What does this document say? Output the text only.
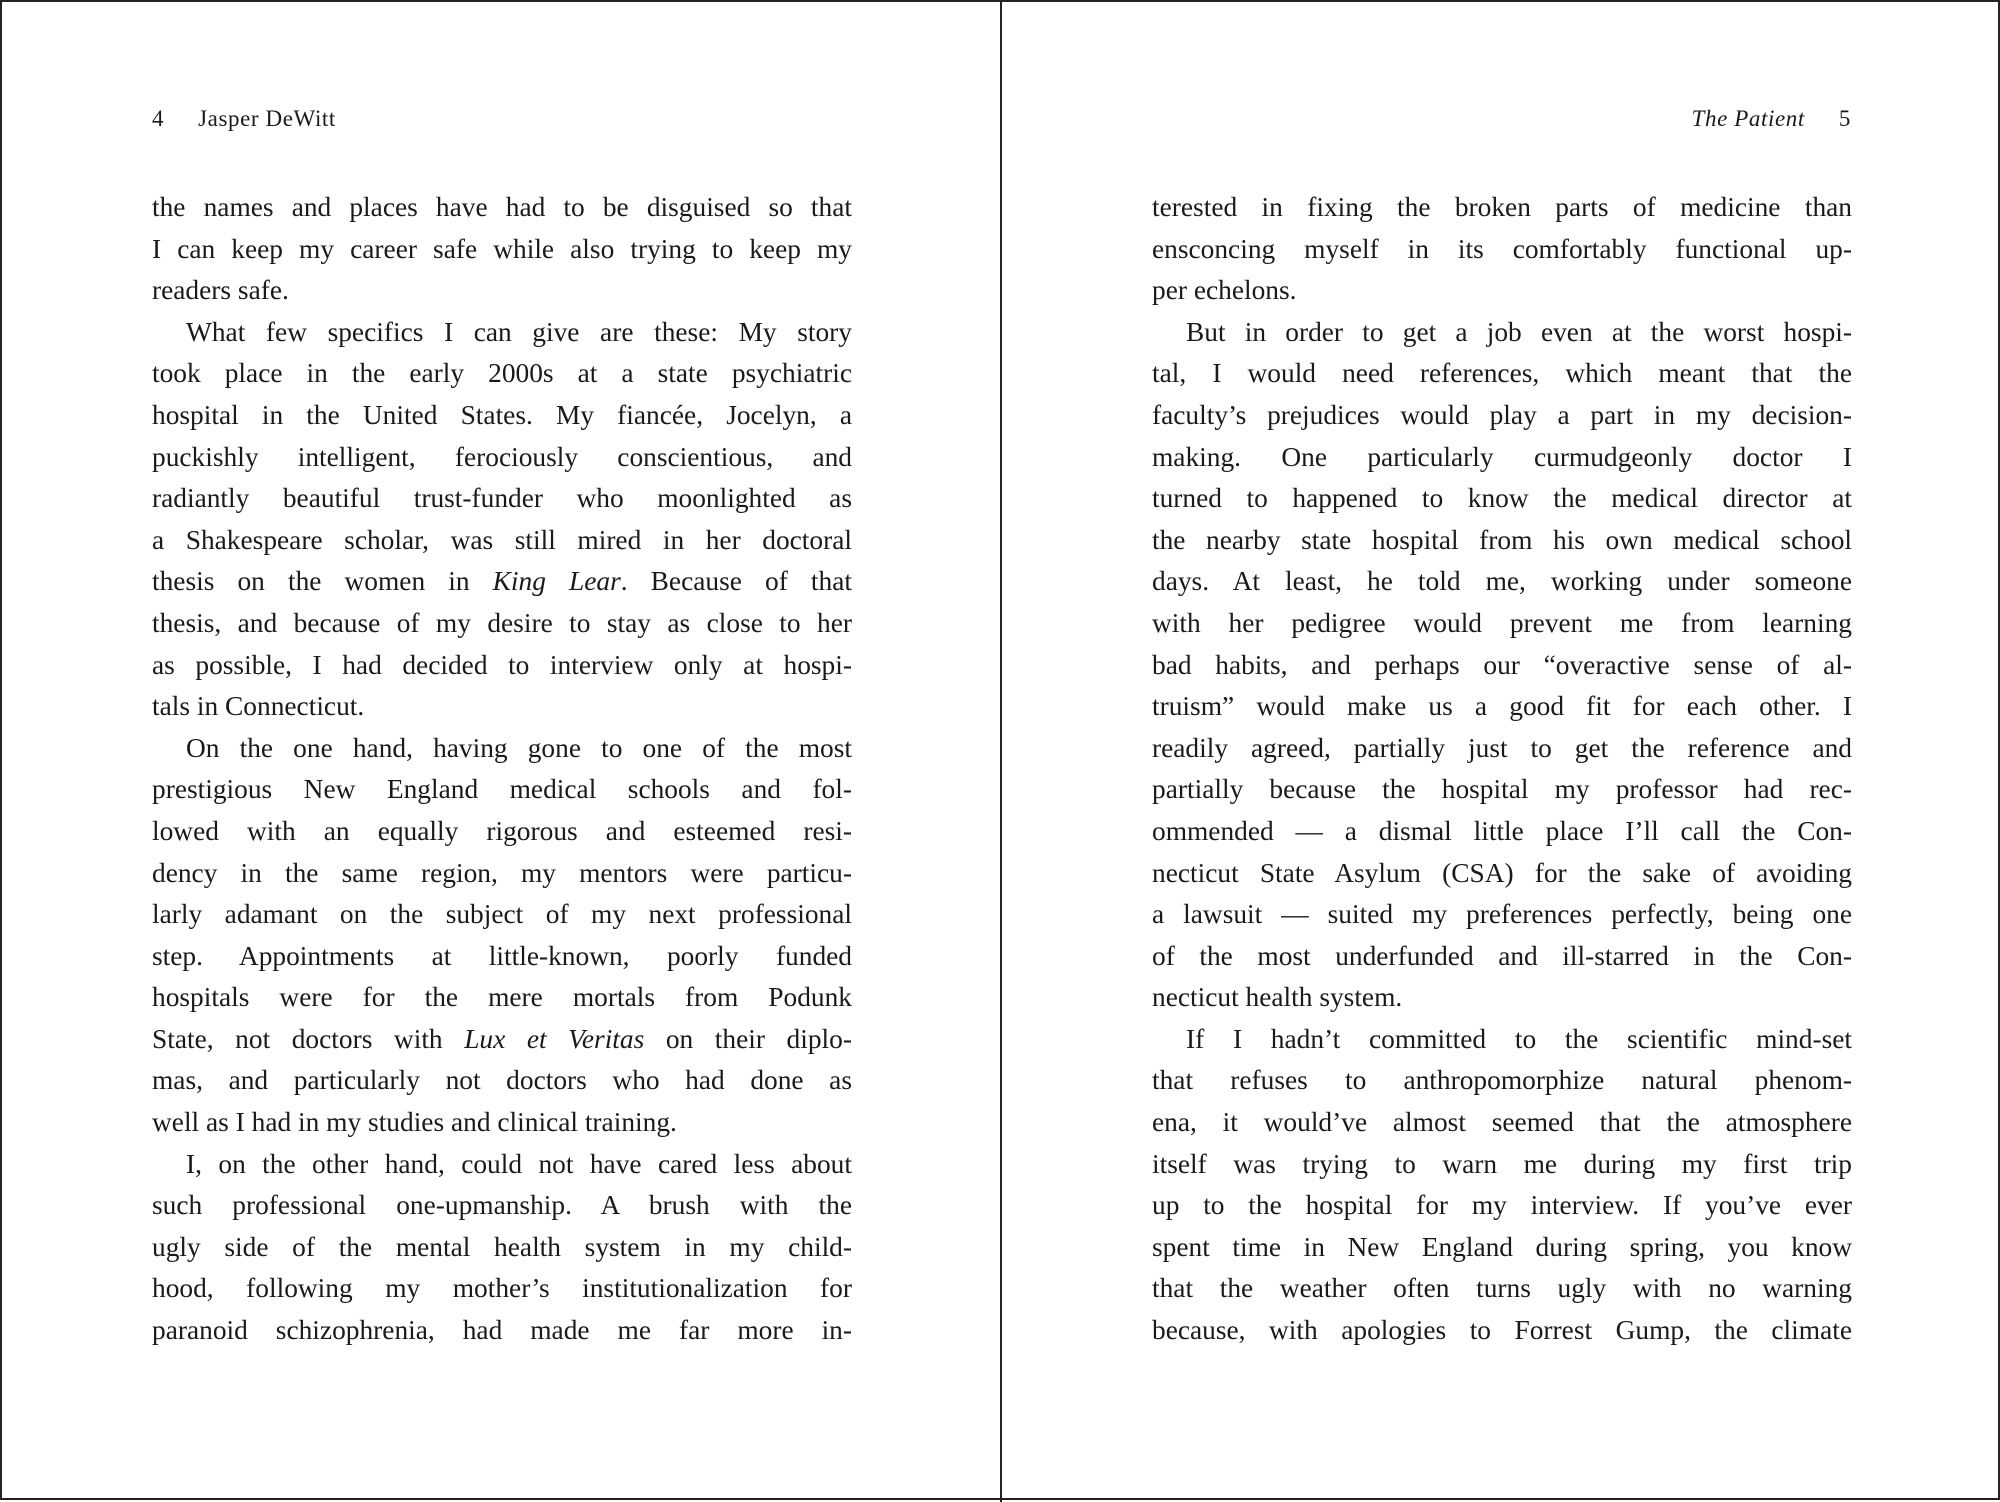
4 Jasper DeWitt
the names and places have had to be disguised so that
I can keep my career safe while also trying to keep my
readers safe.
What few specifics I can give are these: My story
took place in the early 2000s at a state psychiatric
hospital in the United States. My fiancée, Jocelyn, a
puckishly intelligent, ferociously conscientious, and
radiantly beautiful trust-funder who moonlighted as
a Shakespeare scholar, was still mired in her doctoral
thesis on the women in King Lear. Because of that
thesis, and because of my desire to stay as close to her
as possible, I had decided to interview only at hospi-
tals in Connecticut.
On the one hand, having gone to one of the most
prestigious New England medical schools and fol-
lowed with an equally rigorous and esteemed resi-
dency in the same region, my mentors were particu-
larly adamant on the subject of my next professional
step. Appointments at little-known, poorly funded
hospitals were for the mere mortals from Podunk
State, not doctors with Lux et Veritas on their diplo-
mas, and particularly not doctors who had done as
well as I had in my studies and clinical training.
I, on the other hand, could not have cared less about
such professional one-upmanship. A brush with the
ugly side of the mental health system in my child-
hood, following my mother’s institutionalization for
paranoid schizophrenia, had made me far more in-
The Patient 5
terested in fixing the broken parts of medicine than
ensconcing myself in its comfortably functional up-
per echelons.
But in order to get a job even at the worst hospi-
tal, I would need references, which meant that the
faculty’s prejudices would play a part in my decision-
making. One particularly curmudgeonly doctor I
turned to happened to know the medical director at
the nearby state hospital from his own medical school
days. At least, he told me, working under someone
with her pedigree would prevent me from learning
bad habits, and perhaps our “overactive sense of al-
truism” would make us a good fit for each other. I
readily agreed, partially just to get the reference and
partially because the hospital my professor had rec-
ommended — a dismal little place I’ll call the Con-
necticut State Asylum (CSA) for the sake of avoiding
a lawsuit — suited my preferences perfectly, being one
of the most underfunded and ill-starred in the Con-
necticut health system.
If I hadn’t committed to the scientific mind-set
that refuses to anthropomorphize natural phenom-
ena, it would’ve almost seemed that the atmosphere
itself was trying to warn me during my first trip
up to the hospital for my interview. If you’ve ever
spent time in New England during spring, you know
that the weather often turns ugly with no warning
because, with apologies to Forrest Gump, the climate
